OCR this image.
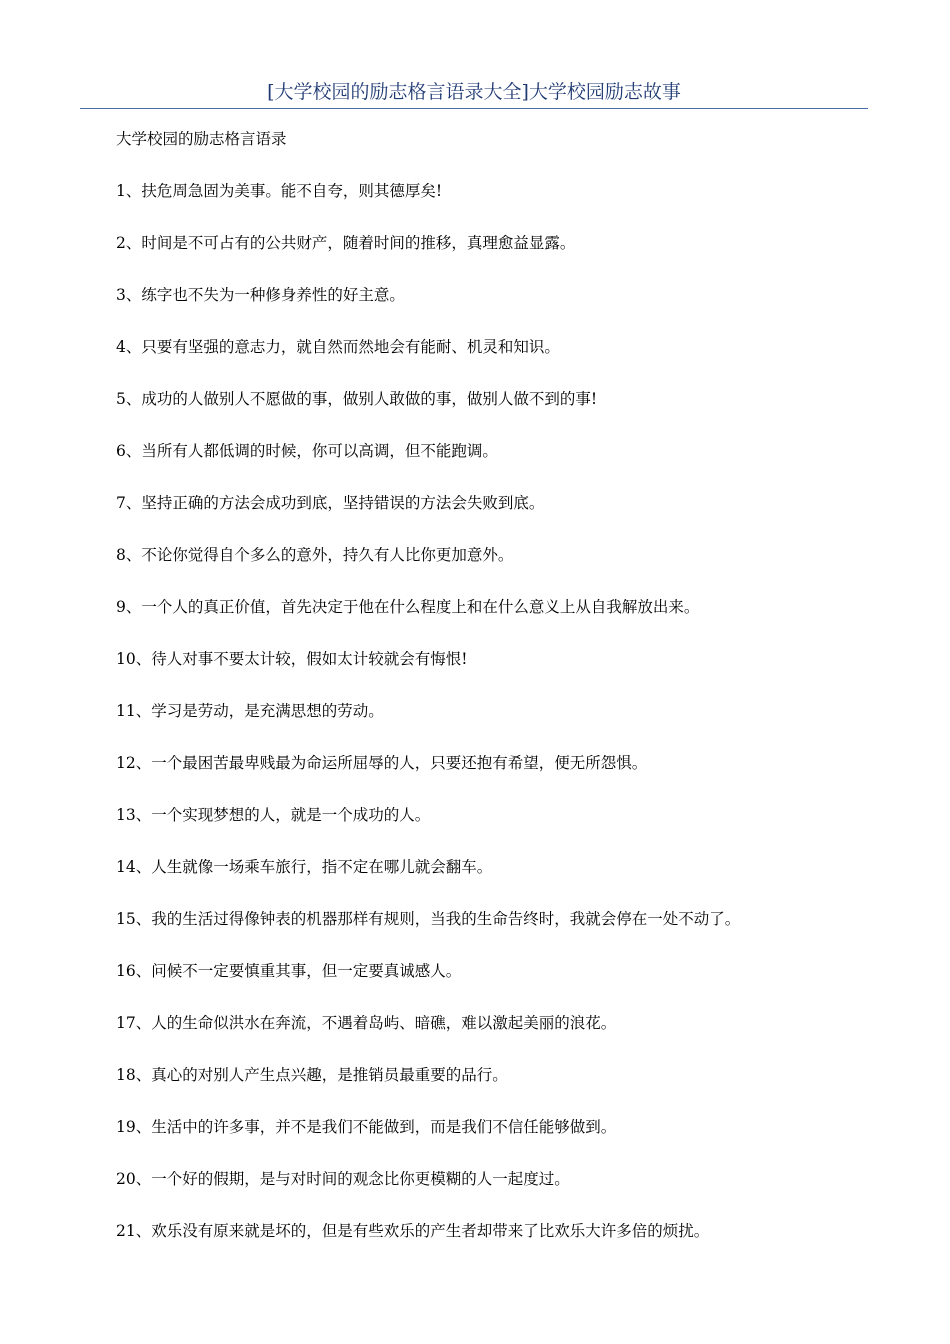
[大学校园的励志格言语录大全]大学校园励志故事
大学校园的励志格言语录
1、扶危周急固为美事。能不自夸，则其德厚矣!
2、时间是不可占有的公共财产，随着时间的推移，真理愈益显露。
3、练字也不失为一种修身养性的好主意。
4、只要有坚强的意志力，就自然而然地会有能耐、机灵和知识。
5、成功的人做别人不愿做的事，做别人敢做的事，做别人做不到的事!
6、当所有人都低调的时候，你可以高调，但不能跑调。
7、坚持正确的方法会成功到底，坚持错误的方法会失败到底。
8、不论你觉得自个多么的意外，持久有人比你更加意外。
9、一个人的真正价值，首先决定于他在什么程度上和在什么意义上从自我解放出来。
10、待人对事不要太计较，假如太计较就会有悔恨!
11、学习是劳动，是充满思想的劳动。
12、一个最困苦最卑贱最为命运所屈辱的人，只要还抱有希望，便无所怨惧。
13、一个实现梦想的人，就是一个成功的人。
14、人生就像一场乘车旅行，指不定在哪儿就会翻车。
15、我的生活过得像钟表的机器那样有规则，当我的生命告终时，我就会停在一处不动了。
16、问候不一定要慎重其事，但一定要真诚感人。
17、人的生命似洪水在奔流，不遇着岛屿、暗礁，难以激起美丽的浪花。
18、真心的对别人产生点兴趣，是推销员最重要的品行。
19、生活中的许多事，并不是我们不能做到，而是我们不信任能够做到。
20、一个好的假期，是与对时间的观念比你更模糊的人一起度过。
21、欢乐没有原来就是坏的，但是有些欢乐的产生者却带来了比欢乐大许多倍的烦扰。
